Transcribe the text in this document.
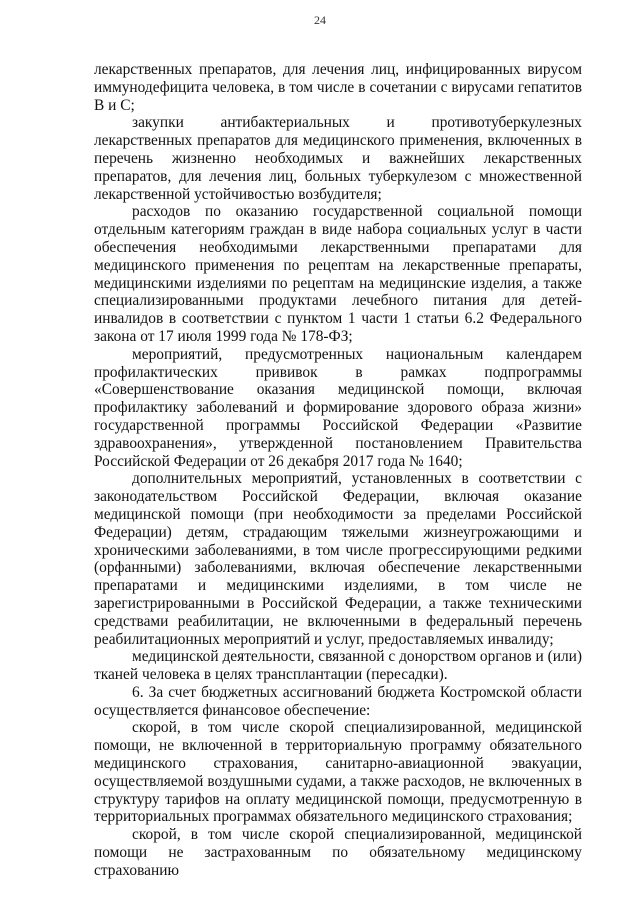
24

лекарственных препаратов, для лечения лиц, инфицированных вирусом иммунодефицита человека, в том числе в сочетании с вирусами гепатитов B и C;

закупки антибактериальных и противотуберкулезных лекарственных препаратов для медицинского применения, включенных в перечень жизненно необходимых и важнейших лекарственных препаратов, для лечения лиц, больных туберкулезом с множественной лекарственной устойчивостью возбудителя;

расходов по оказанию государственной социальной помощи отдельным категориям граждан в виде набора социальных услуг в части обеспечения необходимыми лекарственными препаратами для медицинского применения по рецептам на лекарственные препараты, медицинскими изделиями по рецептам на медицинские изделия, а также специализированными продуктами лечебного питания для детей-инвалидов в соответствии с пунктом 1 части 1 статьи 6.2 Федерального закона от 17 июля 1999 года № 178-ФЗ;

мероприятий, предусмотренных национальным календарем профилактических прививок в рамках подпрограммы «Совершенствование оказания медицинской помощи, включая профилактику заболеваний и формирование здорового образа жизни» государственной программы Российской Федерации «Развитие здравоохранения», утвержденной постановлением Правительства Российской Федерации от 26 декабря 2017 года № 1640;

дополнительных мероприятий, установленных в соответствии с законодательством Российской Федерации, включая оказание медицинской помощи (при необходимости за пределами Российской Федерации) детям, страдающим тяжелыми жизнеугрожающими и хроническими заболеваниями, в том числе прогрессирующими редкими (орфанными) заболеваниями, включая обеспечение лекарственными препаратами и медицинскими изделиями, в том числе не зарегистрированными в Российской Федерации, а также техническими средствами реабилитации, не включенными в федеральный перечень реабилитационных мероприятий и услуг, предоставляемых инвалиду;

медицинской деятельности, связанной с донорством органов и (или) тканей человека в целях трансплантации (пересадки).

6. За счет бюджетных ассигнований бюджета Костромской области осуществляется финансовое обеспечение:

скорой, в том числе скорой специализированной, медицинской помощи, не включенной в территориальную программу обязательного медицинского страхования, санитарно-авиационной эвакуации, осуществляемой воздушными судами, а также расходов, не включенных в структуру тарифов на оплату медицинской помощи, предусмотренную в территориальных программах обязательного медицинского страхования;

скорой, в том числе скорой специализированной, медицинской помощи не застрахованным по обязательному медицинскому страхованию
